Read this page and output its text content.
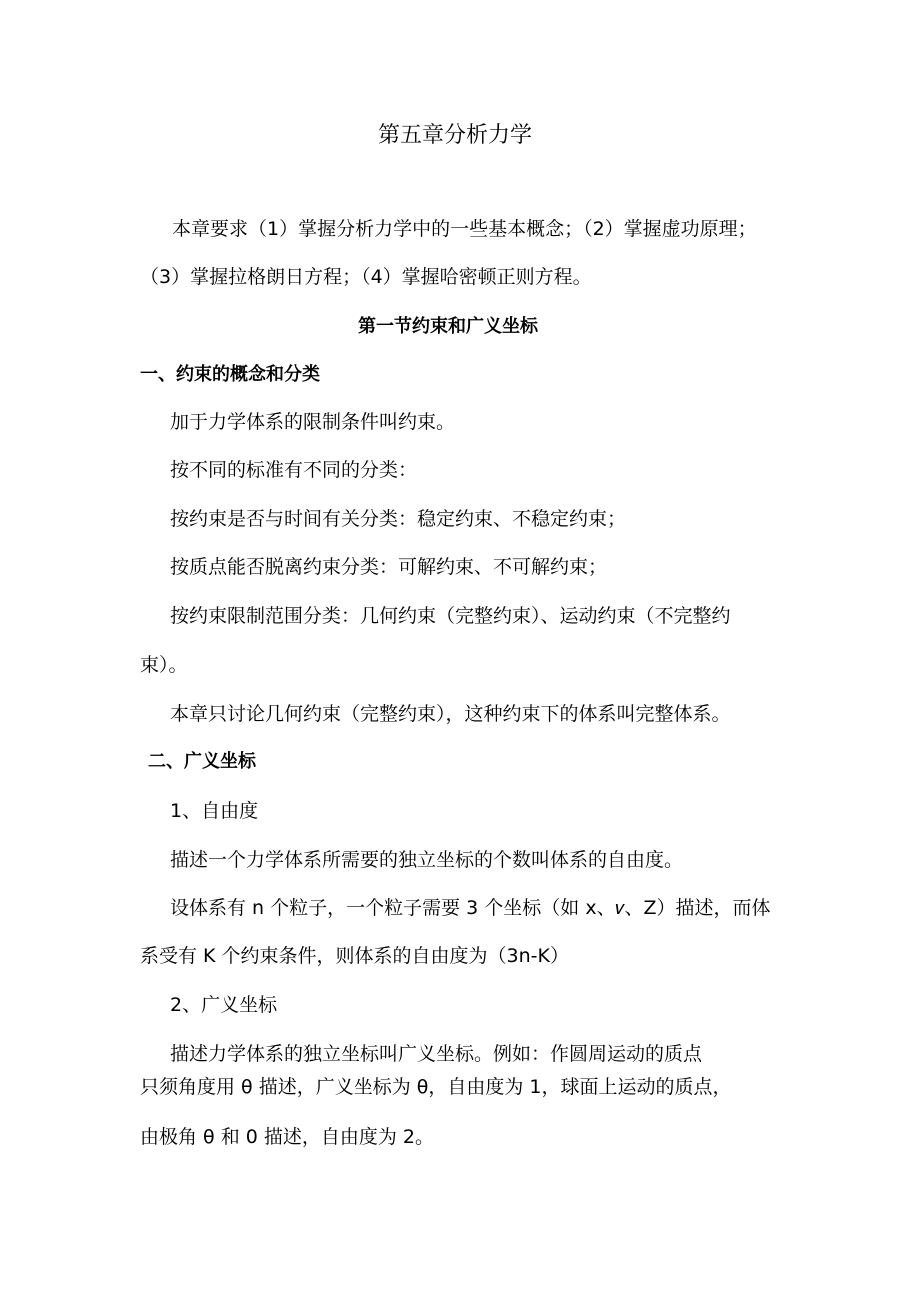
第五章分析力学

本章要求（1）掌握分析力学中的一些基本概念；（2）掌握虚功原理；

（3）掌握拉格朗日方程；（4）掌握哈密顿正则方程。

第一节约束和广义坐标

一、约束的概念和分类

加于力学体系的限制条件叫约束。

按不同的标准有不同的分类：

按约束是否与时间有关分类：稳定约束、不稳定约束；

按质点能否脱离约束分类：可解约束、不可解约束；

按约束限制范围分类：几何约束（完整约束）、运动约束（不完整约

束）。

本章只讨论几何约束（完整约束），这种约束下的体系叫完整体系。

二、广义坐标

1、自由度

描述一个力学体系所需要的独立坐标的个数叫体系的自由度。

设体系有 n 个粒子，一个粒子需要 3 个坐标（如 x、𝑣、Z）描述，而体

系受有 K 个约束条件，则体系的自由度为（3n-K）

2、广义坐标

描述力学体系的独立坐标叫广义坐标。例如：作圆周运动的质点

只须角度用 θ 描述，广义坐标为 θ，自由度为 1，球面上运动的质点，

由极角 θ 和 0 描述，自由度为 2。
